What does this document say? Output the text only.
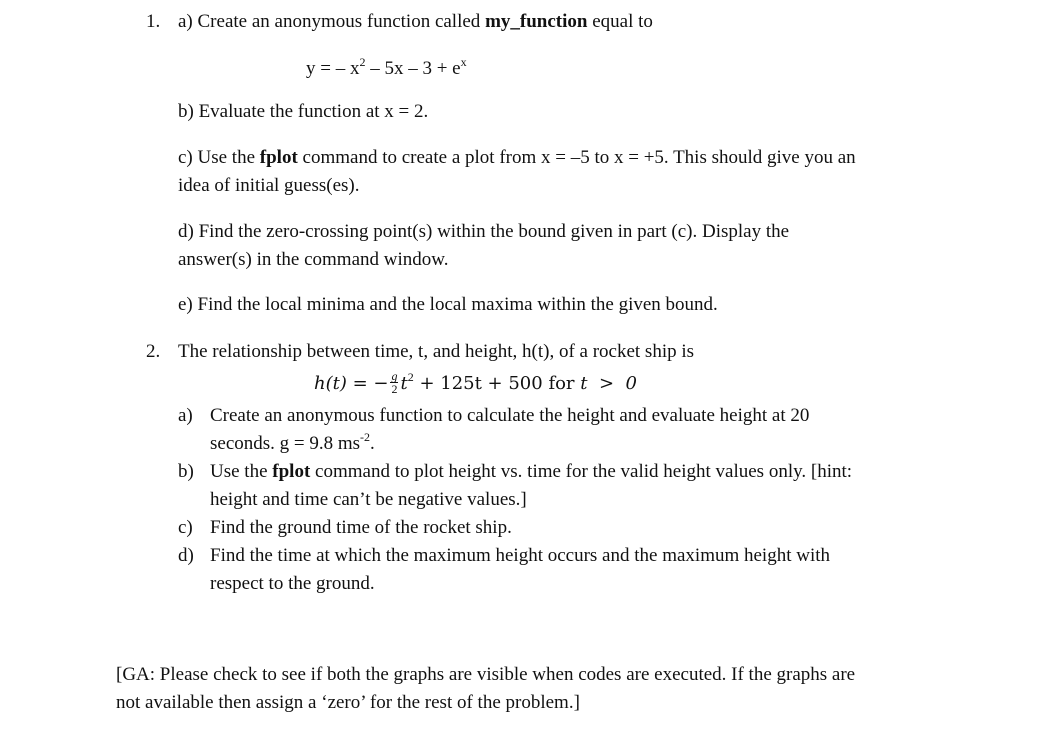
1. a) Create an anonymous function called my_function equal to
y = – $x^2 - 5x - 3 + e^x$
b) Evaluate the function at x = 2.
c) Use the fplot command to create a plot from x = –5 to x = +5. This should give you an
idea of initial guess(es).
d) Find the zero-crossing point(s) within the bound given in part (c). Display the
answer(s) in the command window.
e) Find the local minima and the local maxima within the given bound.
2. The relationship between time, t, and height, h(t), of a rocket ship is
h(t) = − $\frac{g}{2} t^2 + 125t + 500$ for t  >  0
a) Create an anonymous function to calculate the height and evaluate height at 20
seconds. g = 9.8 $ms^{-2}$.
b) Use the fplot command to plot height vs. time for the valid height values only. [hint:
height and time can’t be negative values.]
c) Find the ground time of the rocket ship.
d) Find the time at which the maximum height occurs and the maximum height with
respect to the ground.
[GA: Please check to see if both the graphs are visible when codes are executed. If the graphs are
not available then assign a ‘zero’ for the rest of the problem.]
